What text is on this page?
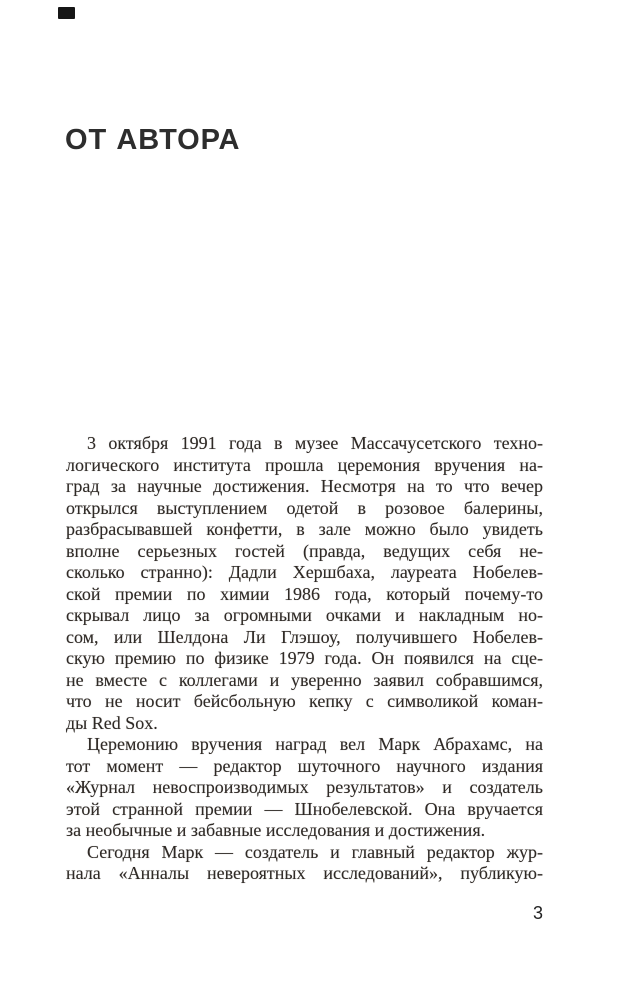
ОТ АВТОРА
3 октября 1991 года в музее Массачусетского техно-
логического института прошла церемония вручения на-
град за научные достижения. Несмотря на то что вечер
открылся выступлением одетой в розовое балерины,
разбрасывавшей конфетти, в зале можно было увидеть
вполне серьезных гостей (правда, ведущих себя не-
сколько странно): Дадли Хершбаха, лауреата Нобелев-
ской премии по химии 1986 года, который почему-то
скрывал лицо за огромными очками и накладным но-
сом, или Шелдона Ли Глэшоу, получившего Нобелев-
скую премию по физике 1979 года. Он появился на сце-
не вместе с коллегами и уверенно заявил собравшимся,
что не носит бейсбольную кепку с символикой коман-
ды Red Sox.
Церемонию вручения наград вел Марк Абрахамс, на
тот момент — редактор шуточного научного издания
«Журнал невоспроизводимых результатов» и создатель
этой странной премии — Шнобелевской. Она вручается
за необычные и забавные исследования и достижения.
Сегодня Марк — создатель и главный редактор жур-
нала «Анналы невероятных исследований», публикую-
3
